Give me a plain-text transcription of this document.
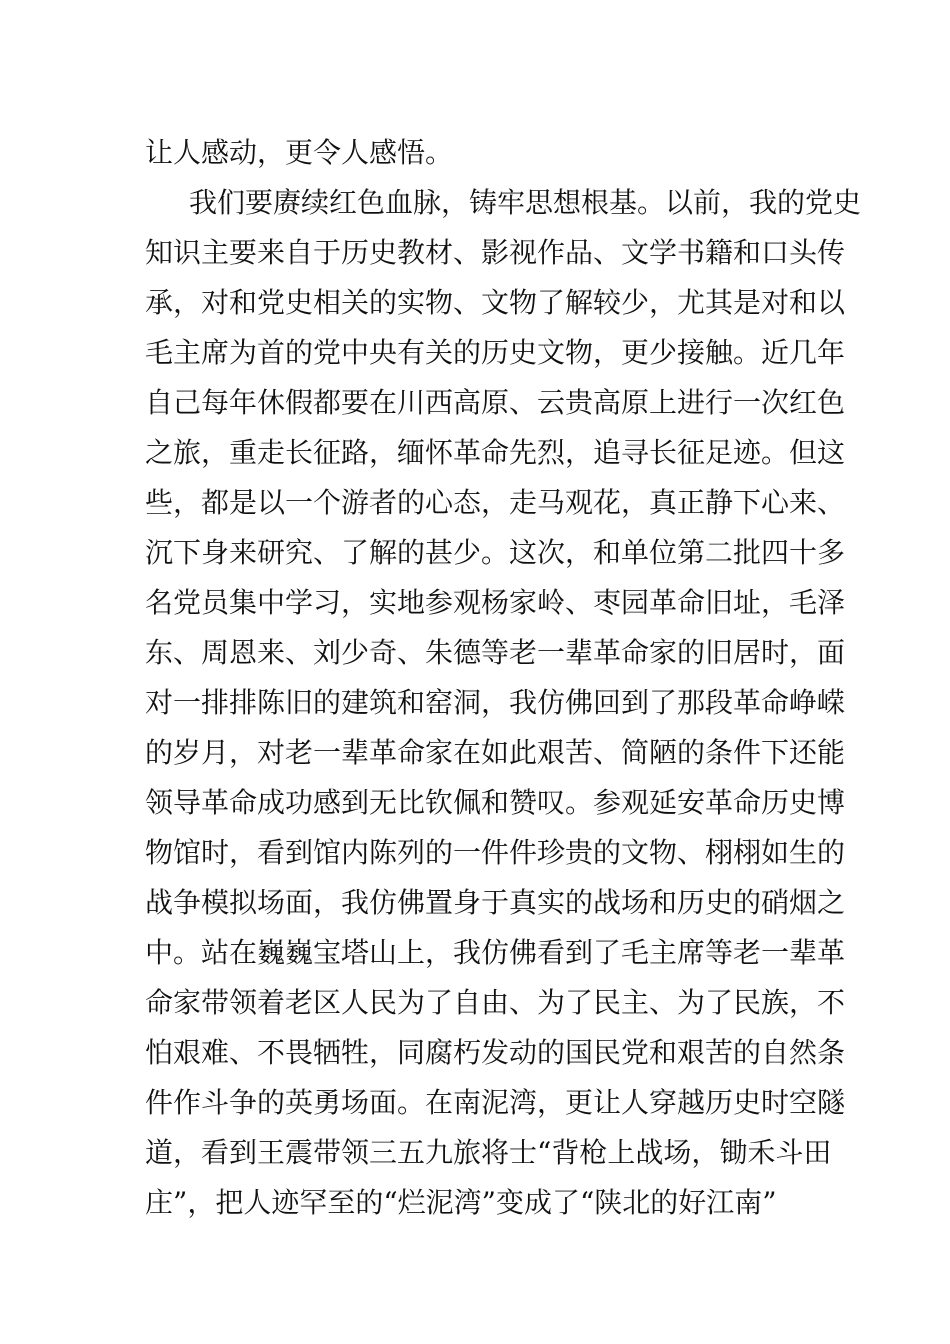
让人感动，更令人感悟。
我们要赓续红色血脉，铸牢思想根基。以前，我的党史
知识主要来自于历史教材、影视作品、文学书籍和口头传
承，对和党史相关的实物、文物了解较少，尤其是对和以
毛主席为首的党中央有关的历史文物，更少接触。近几年
自己每年休假都要在川西高原、云贵高原上进行一次红色
之旅，重走长征路，缅怀革命先烈，追寻长征足迹。但这
些，都是以一个游者的心态，走马观花，真正静下心来、
沉下身来研究、了解的甚少。这次，和单位第二批四十多
名党员集中学习，实地参观杨家岭、枣园革命旧址，毛泽
东、周恩来、刘少奇、朱德等老一辈革命家的旧居时，面
对一排排陈旧的建筑和窑洞，我仿佛回到了那段革命峥嵘
的岁月，对老一辈革命家在如此艰苦、简陋的条件下还能
领导革命成功感到无比钦佩和赞叹。参观延安革命历史博
物馆时，看到馆内陈列的一件件珍贵的文物、栩栩如生的
战争模拟场面，我仿佛置身于真实的战场和历史的硝烟之
中。站在巍巍宝塔山上，我仿佛看到了毛主席等老一辈革
命家带领着老区人民为了自由、为了民主、为了民族，不
怕艰难、不畏牺牲，同腐朽发动的国民党和艰苦的自然条
件作斗争的英勇场面。在南泥湾，更让人穿越历史时空隧
道，看到王震带领三五九旅将士“背枪上战场，锄禾斗田
庄”，把人迹罕至的“烂泥湾”变成了“陕北的好江南”
